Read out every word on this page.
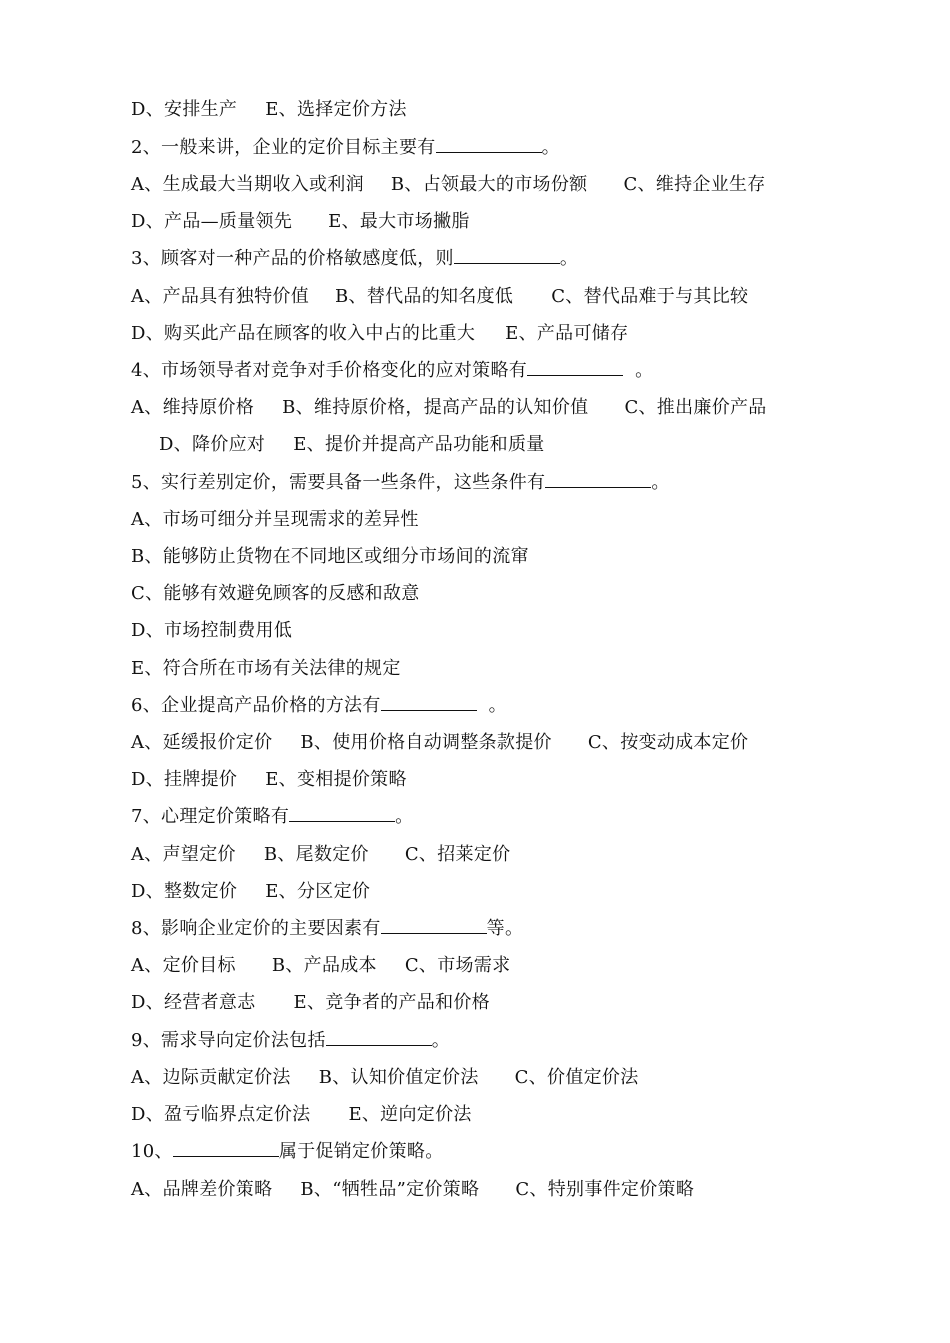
D、安排生产 E、选择定价方法
2、一般来讲，企业的定价目标主要有	。
A、生成最大当期收入或利润 B、占领最大的市场份额 C、维持企业生存
D、产品—质量领先 E、最大市场撇脂
3、顾客对一种产品的价格敏感度低，则	。
A、产品具有独特价值 B、替代品的知名度低 C、替代品难于与其比较
D、购买此产品在顾客的收入中占的比重大 E、产品可储存
4、市场领导者对竞争对手价格变化的应对策略有	。
A、维持原价格 B、维持原价格，提高产品的认知价值 C、推出廉价产品
D、降价应对 E、提价并提高产品功能和质量
5、实行差别定价，需要具备一些条件，这些条件有	。
A、市场可细分并呈现需求的差异性
B、能够防止货物在不同地区或细分市场间的流窜
C、能够有效避免顾客的反感和敌意
D、市场控制费用低
E、符合所在市场有关法律的规定
6、企业提高产品价格的方法有	。
A、延缓报价定价 B、使用价格自动调整条款提价 C、按变动成本定价
D、挂牌提价 E、变相提价策略
7、心理定价策略有	。
A、声望定价 B、尾数定价 C、招莱定价
D、整数定价 E、分区定价
8、影响企业定价的主要因素有	等。
A、定价目标 B、产品成本 C、市场需求
D、经营者意志 E、竞争者的产品和价格
9、需求导向定价法包括	。
A、边际贡献定价法 B、认知价值定价法 C、价值定价法
D、盈亏临界点定价法 E、逆向定价法
10、	属于促销定价策略。
A、品牌差价策略 B、“牺牲品”定价策略 C、特别事件定价策略
